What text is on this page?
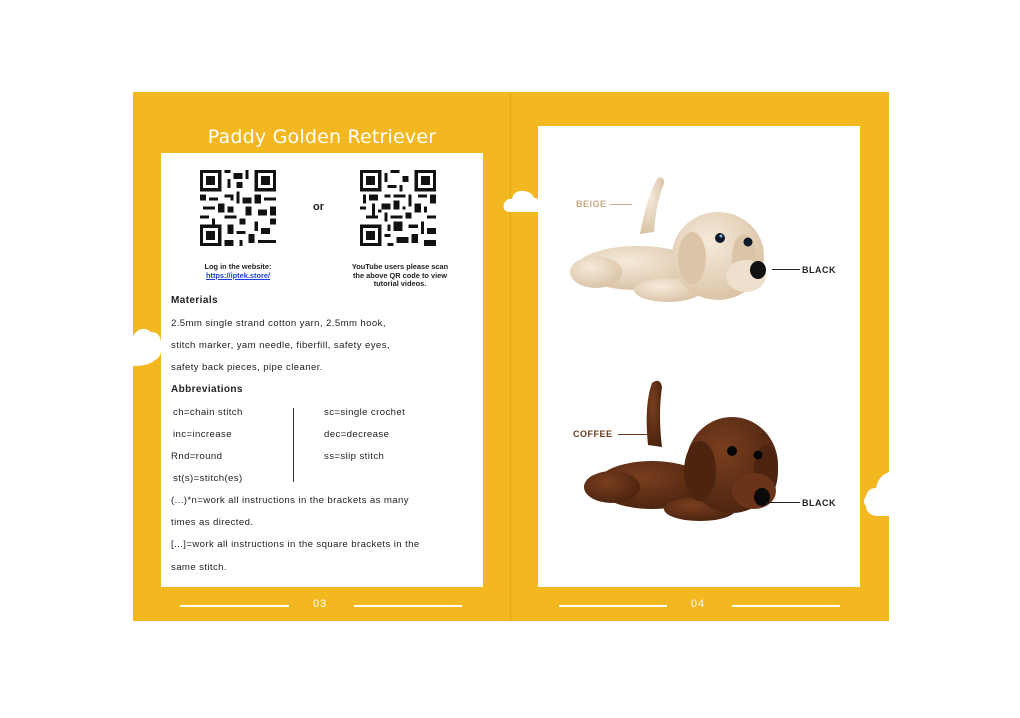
Paddy Golden Retriever
or
Log in the website:
https://iptek.store/
YouTube users please scan
the above QR code to view
tutorial videos.
Materials
2.5mm single strand cotton yarn, 2.5mm hook,
stitch marker, yam needle, fiberfill, safety eyes,
safety back pieces, pipe cleaner.
Abbreviations
ch=chain stitch
inc=increase
Rnd=round
st(s)=stitch(es)
sc=single crochet
dec=decrease
ss=slip stitch
(...)*n=work all instructions in the brackets as many
times as directed.
[...]=work all instructions in the square brackets in the
same stitch.
03
BEIGE
BLACK
COFFEE
BLACK
04
